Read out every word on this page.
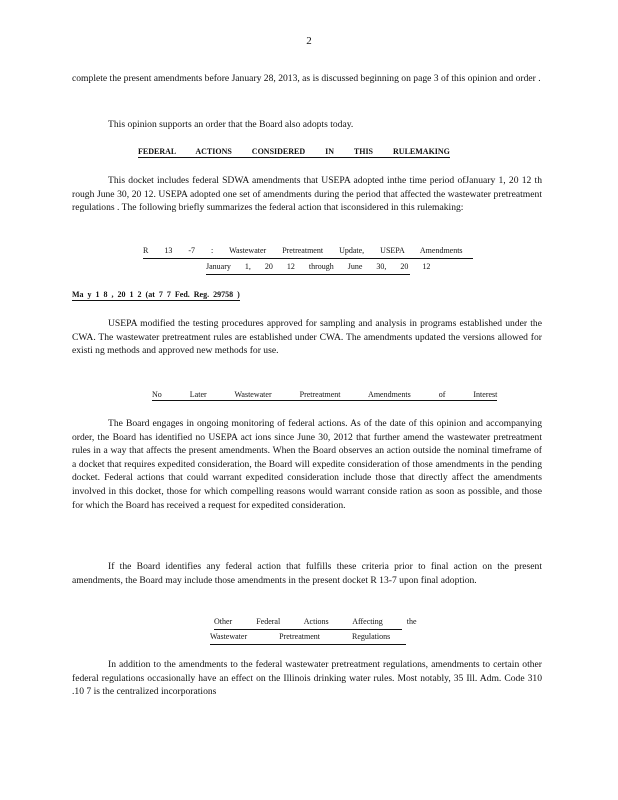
2

complete the present amendments before January 28, 2013, as is discussed beginning on page 3 of this opinion and order .

This opinion supports an order that the Board also adopts today.

FEDERAL ACTIONS CONSIDERED IN THIS RULEMAKING

This docket includes federal SDWA amendments that USEPA adopted inthe time period ofJanuary 1, 20 12 th rough June 30, 20 12. USEPA adopted one set of amendments during the period that affected the wastewater pretreatment regulations . The following briefly summarizes the federal action that isconsidered in this rulemaking:

R 13 -7 : Wastewater Pretreatment Update, USEPA Amendments
January 1, 20 12 through June 30, 20 12
Ma y 1 8 , 20 1 2 (at 7 7 Fed. Reg. 29758 )

USEPA modified the testing procedures approved for sampling and analysis in programs established under the CWA. The wastewater pretreatment rules are established under CWA. The amendments updated the versions allowed for existi ng methods and approved new methods for use.

No Later Wastewater Pretreatment Amendments of Interest

The Board engages in ongoing monitoring of federal actions. As of the date of this opinion and accompanying order, the Board has identified no USEPA act ions since June 30, 2012 that further amend the wastewater pretreatment rules in a way that affects the present amendments. When the Board observes an action outside the nominal timeframe of a docket that requires expedited consideration, the Board will expedite consideration of those amendments in the pending docket. Federal actions that could warrant expedited consideration include those that directly affect the amendments involved in this docket, those for which compelling reasons would warrant conside ration as soon as possible, and those for which the Board has received a request for expedited consideration.

If the Board identifies any federal action that fulfills these criteria prior to final action on the present amendments, the Board may include those amendments in the present docket R 13-7 upon final adoption.

Other Federal Actions Affecting the
Wastewater Pretreatment Regulations

In addition to the amendments to the federal wastewater pretreatment regulations, amendments to certain other federal regulations occasionally have an effect on the Illinois drinking water rules. Most notably, 35 Ill. Adm. Code 310 .10 7 is the centralized incorporations
